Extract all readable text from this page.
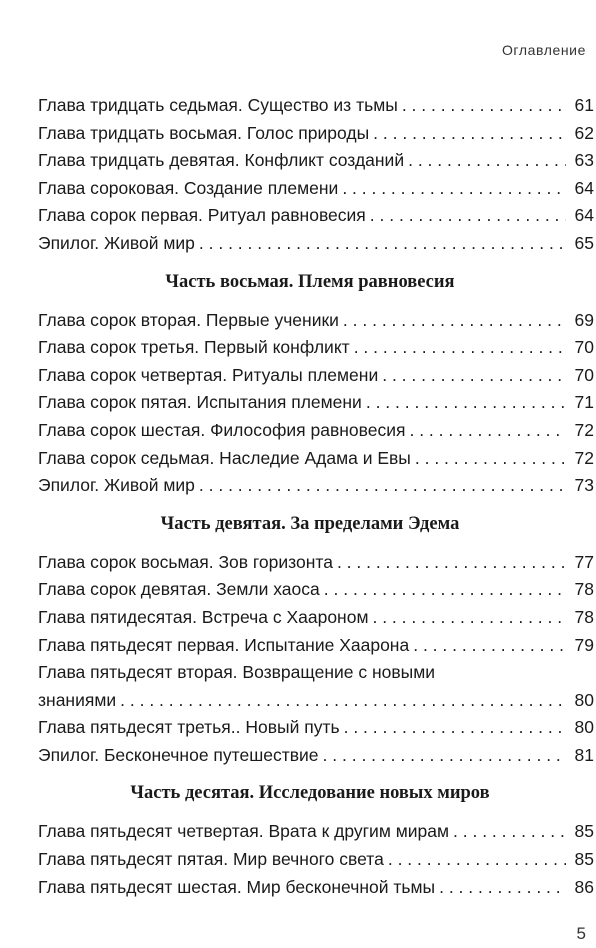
Оглавление
Глава тридцать седьмая. Существо из тьмы . . .	61
Глава тридцать восьмая. Голос природы . . .	62
Глава тридцать девятая. Конфликт созданий . . .	63
Глава сороковая. Создание племени . . .	64
Глава сорок первая. Ритуал равновесия . . .	64
Эпилог. Живой мир . . .	65
Часть восьмая. Племя равновесия
Глава сорок вторая. Первые ученики . . .	69
Глава сорок третья. Первый конфликт . . .	70
Глава сорок четвертая. Ритуалы племени . . .	70
Глава сорок пятая. Испытания племени . . .	71
Глава сорок шестая. Философия равновесия . . .	72
Глава сорок седьмая. Наследие Адама и Евы . . .	72
Эпилог. Живой мир . . .	73
Часть девятая. За пределами Эдема
Глава сорок восьмая. Зов горизонта . . .	77
Глава сорок девятая. Земли хаоса . . .	78
Глава пятидесятая. Встреча с Хаароном . . .	78
Глава пятьдесят первая. Испытание Хаарона . . .	79
Глава пятьдесят вторая. Возвращение с новыми
знаниями . . .	80
Глава пятьдесят третья.. Новый путь . . .	80
Эпилог. Бесконечное путешествие . . .	81
Часть десятая. Исследование новых миров
Глава пятьдесят четвертая. Врата к другим мирам . . .	85
Глава пятьдесят пятая. Мир вечного света . . .	85
Глава пятьдесят шестая. Мир бесконечной тьмы . . .	86
5
